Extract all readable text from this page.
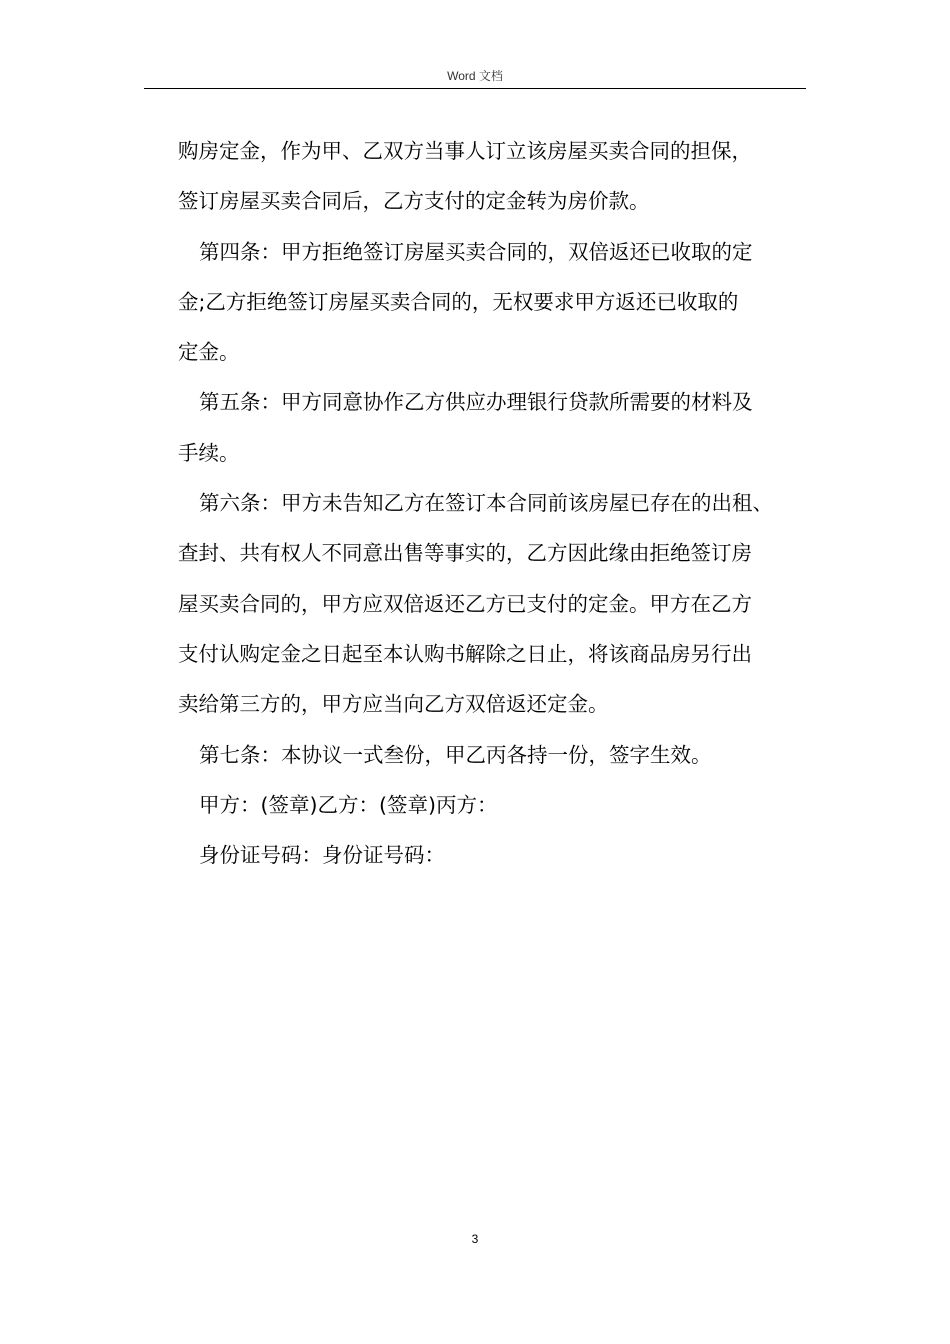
Word 文档
购房定金，作为甲、乙双方当事人订立该房屋买卖合同的担保，
签订房屋买卖合同后，乙方支付的定金转为房价款。
第四条：甲方拒绝签订房屋买卖合同的，双倍返还已收取的定
金;乙方拒绝签订房屋买卖合同的，无权要求甲方返还已收取的
定金。
第五条：甲方同意协作乙方供应办理银行贷款所需要的材料及
手续。
第六条：甲方未告知乙方在签订本合同前该房屋已存在的出租、
查封、共有权人不同意出售等事实的，乙方因此缘由拒绝签订房
屋买卖合同的，甲方应双倍返还乙方已支付的定金。甲方在乙方
支付认购定金之日起至本认购书解除之日止，将该商品房另行出
卖给第三方的，甲方应当向乙方双倍返还定金。
第七条：本协议一式叁份，甲乙丙各持一份，签字生效。
甲方：(签章)乙方：(签章)丙方：
身份证号码：身份证号码：
3
